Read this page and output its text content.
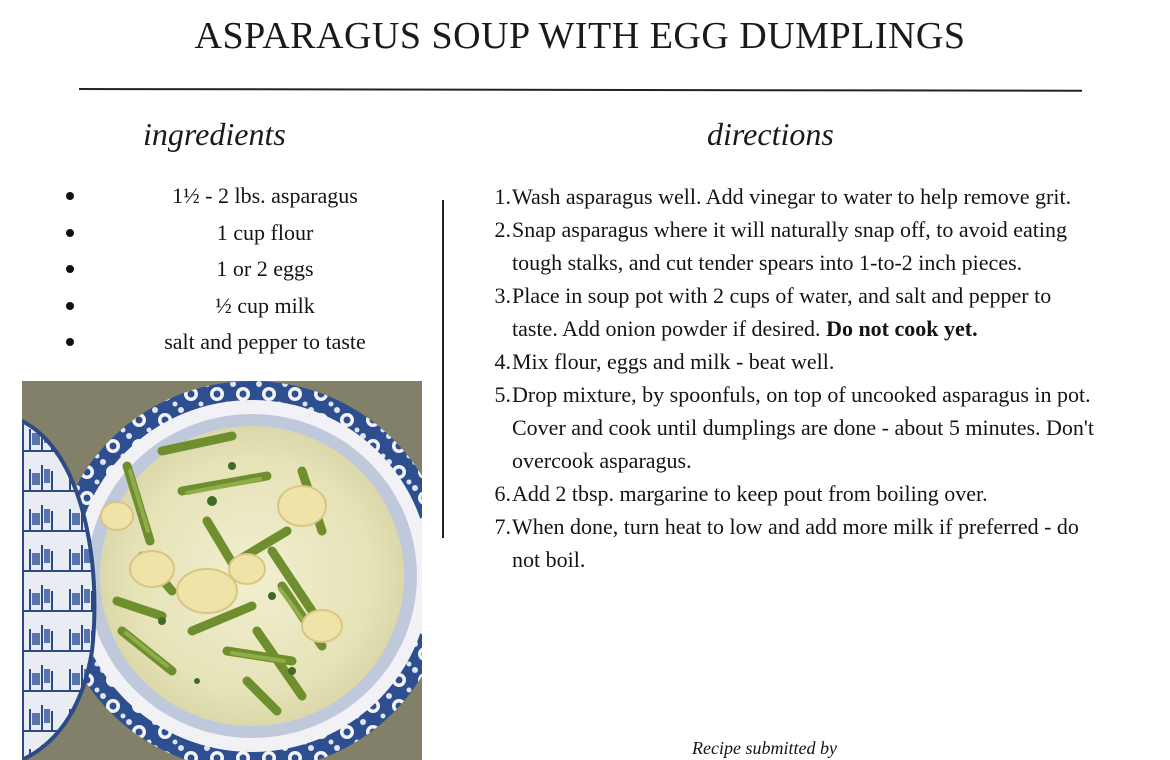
ASPARAGUS SOUP WITH EGG DUMPLINGS
ingredients	directions
1½ - 2 lbs. asparagus
1 cup flour
1 or 2 eggs
½ cup milk
salt and pepper to taste
1. Wash asparagus well. Add vinegar to water to help remove grit.
2. Snap asparagus where it will naturally snap off, to avoid eating tough stalks, and cut tender spears into 1-to-2 inch pieces.
3. Place in soup pot with 2 cups of water, and salt and pepper to taste. Add onion powder if desired. Do not cook yet.
4. Mix flour, eggs and milk - beat well.
5. Drop mixture, by spoonfuls, on top of uncooked asparagus in pot. Cover and cook until dumplings are done - about 5 minutes. Don't overcook asparagus.
6. Add 2 tbsp. margarine to keep pout from boiling over.
7. When done, turn heat to low and add more milk if preferred - do not boil.
Recipe submitted by
